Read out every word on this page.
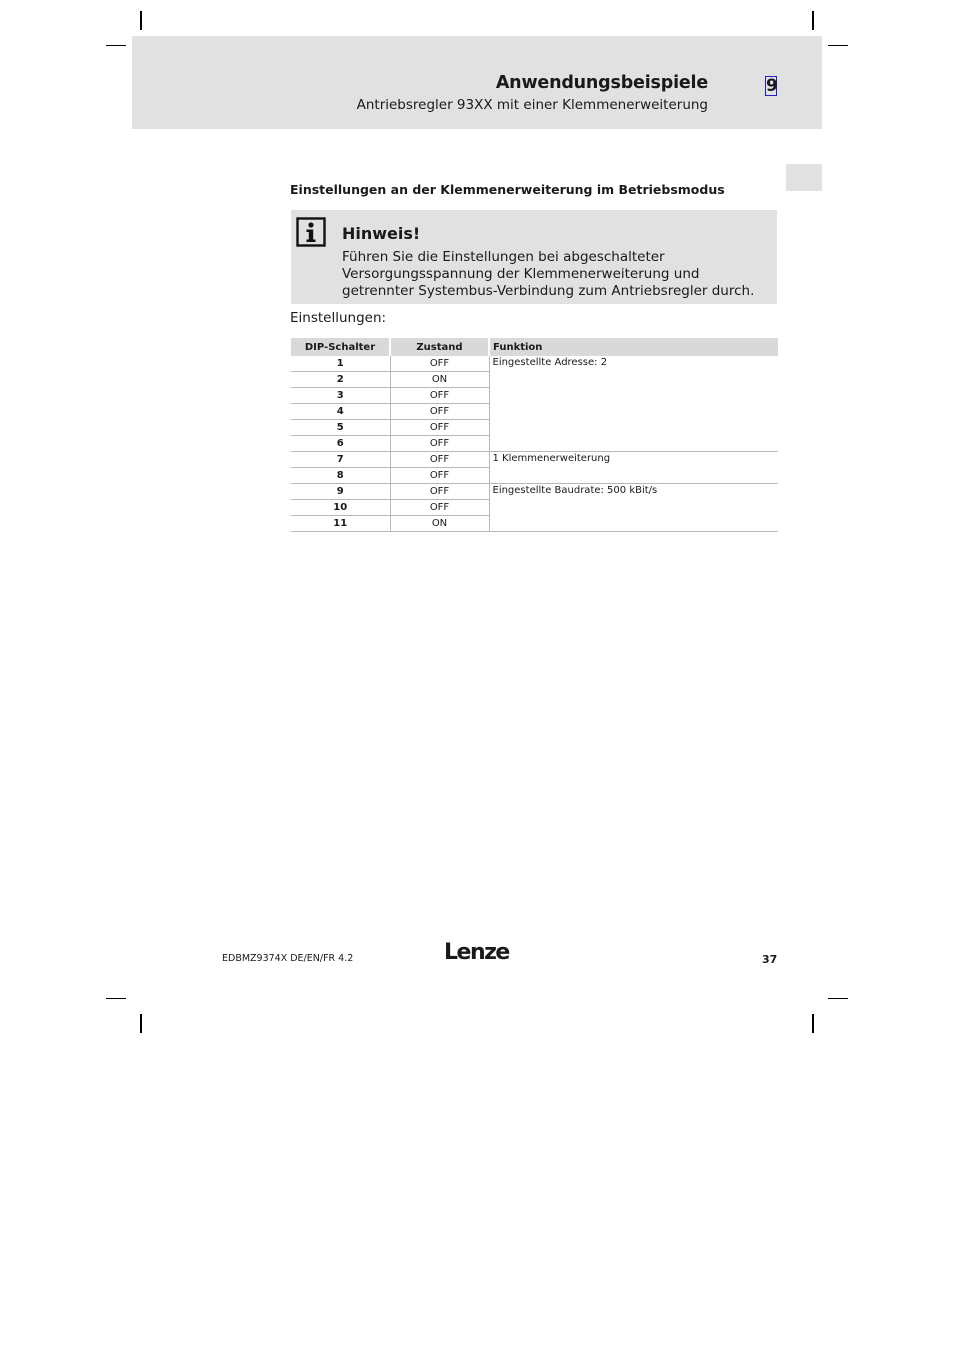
Anwendungsbeispiele
Antriebsregler 93XX mit einer Klemmenerweiterung
9
Einstellungen an der Klemmenerweiterung im Betriebsmodus
Hinweis!
Führen Sie die Einstellungen bei abgeschalteter Versorgungsspannung der Klemmenerweiterung und getrennter Systembus-Verbindung zum Antriebsregler durch.
Einstellungen:
DIP-Schalter	Zustand	Funktion
1	OFF	Eingestellte Adresse: 2
2	ON	
3	OFF	
4	OFF	
5	OFF	
6	OFF	
7	OFF	1 Klemmenerweiterung
8	OFF	
9	OFF	Eingestellte Baudrate: 500 kBit/s
10	OFF	
11	ON	
EDBMZ9374X DE/EN/FR 4.2	Lenze	37
